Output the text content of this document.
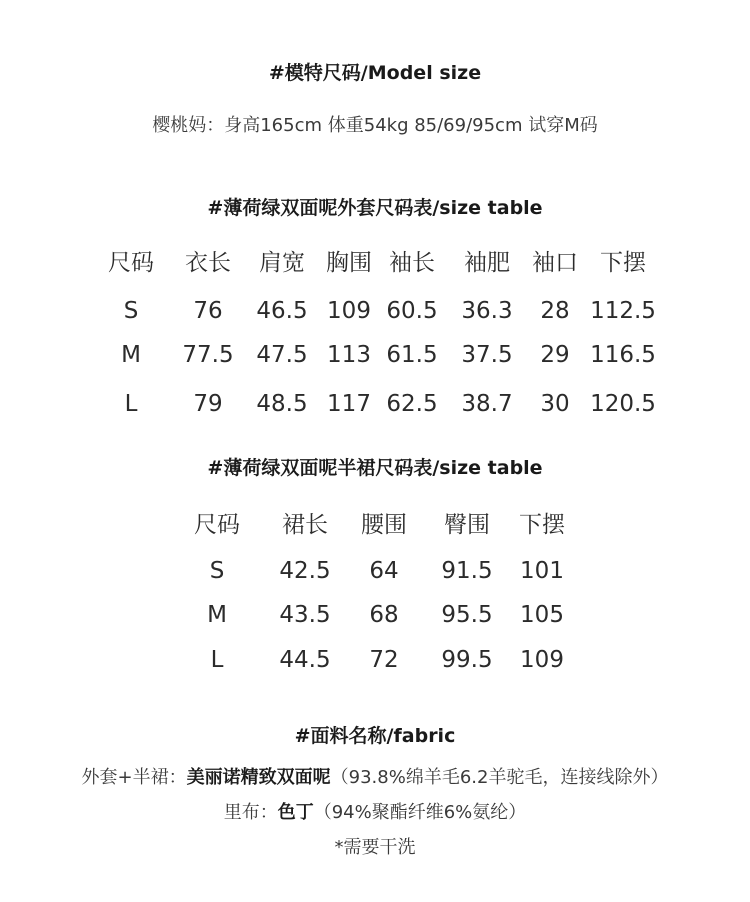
#模特尺码/Model size
樱桃妈：身高165cm 体重54kg 85/69/95cm 试穿M码
#薄荷绿双面呢外套尺码表/size table
尺码	衣长	肩宽 胸围 袖长	袖肥 袖口 下摆
S	76	46.5 109 60.5	36.3	28 112.5
M	77.5 47.5 113 61.5	37.5	29 116.5
L	79	48.5 117 62.5	38.7	30 120.5
#薄荷绿双面呢半裙尺码表/size table
尺码	裙长	腰围	臀围	下摆
S	42.5	64	91.5	101
M	43.5	68	95.5	105
L	44.5	72	99.5	109
#面料名称/fabric
外套+半裙：美丽诺精致双面呢（93.8%绵羊毛6.2羊驼毛，连接线除外）
里布：色丁（94%聚酯纤维6%氨纶）
*需要干洗
